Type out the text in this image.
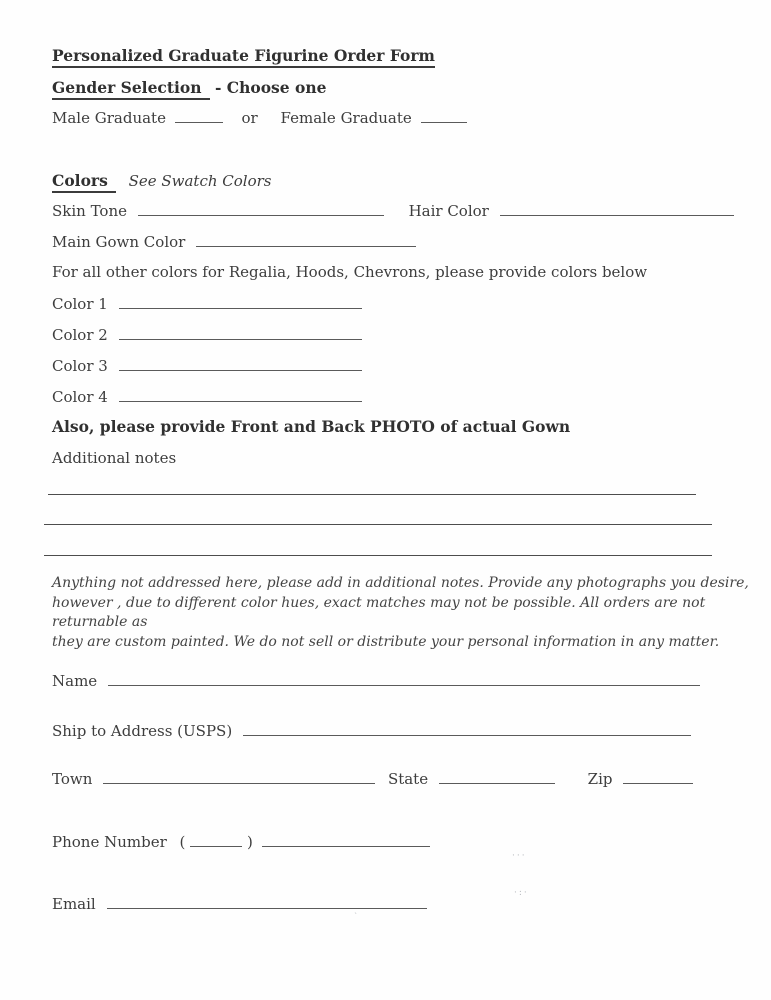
Personalized Graduate Figurine Order Form
Gender Selection - Choose one
Male Graduate	or Female Graduate
Colors See Swatch Colors
Skin Tone	Hair Color
Main Gown Color
For all other colors for Regalia, Hoods, Chevrons, please provide colors below
Color 1
Color 2
Color 3
Color 4
Also, please provide Front and Back PHOTO of actual Gown
Additional notes
Anything not addressed here, please add in additional notes. Provide any photographs you desire,
however , due to different color hues, exact matches may not be possible. All orders are not returnable as
they are custom painted. We do not sell or distribute your personal information in any matter.
Name
Ship to Address (USPS)
Town	State	Zip
Phone Number (	)
Email
···
·:·
`
